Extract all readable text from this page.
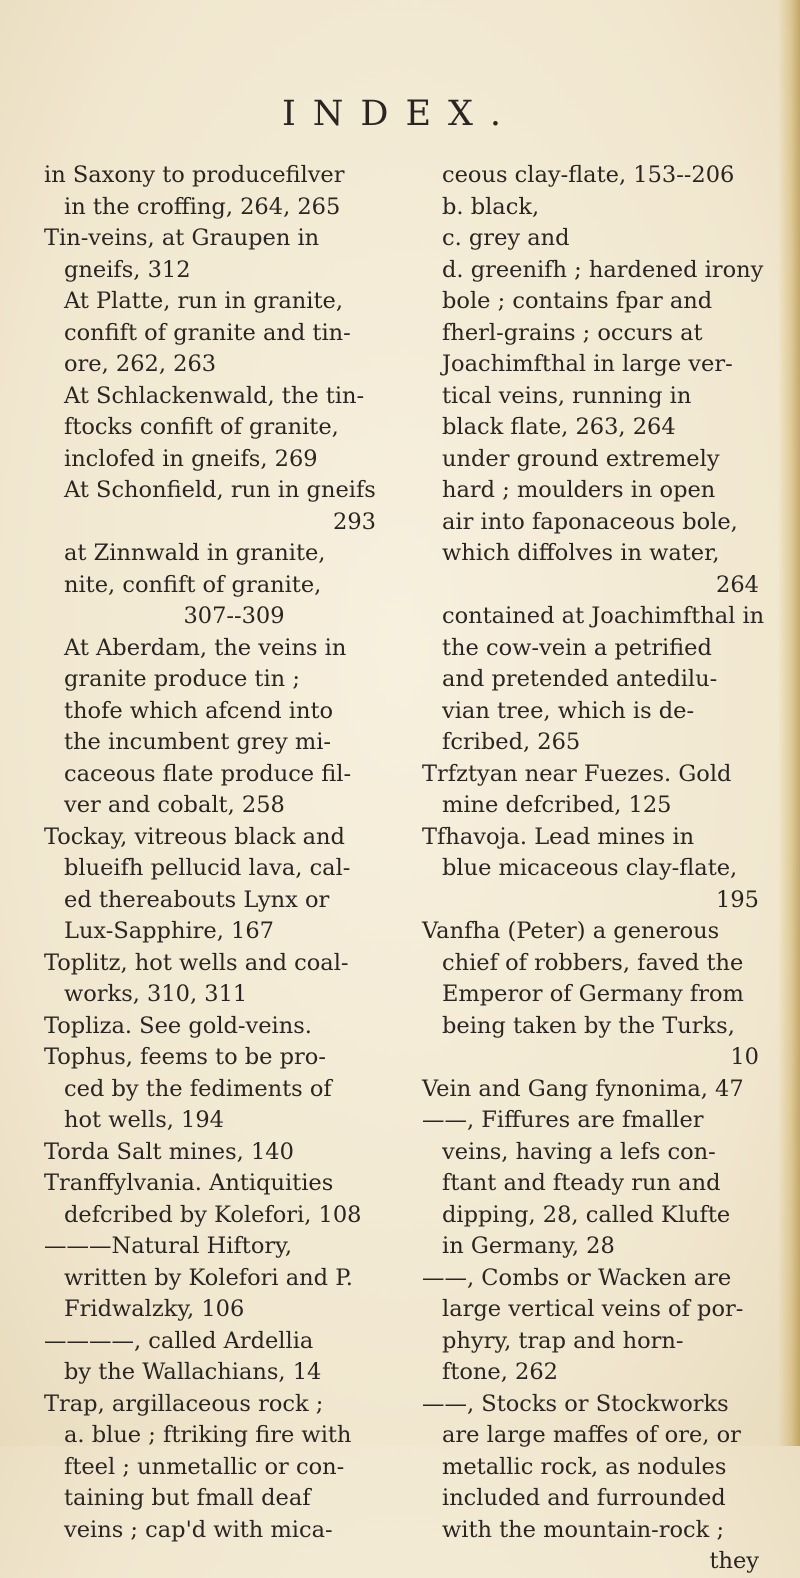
INDEX.
in Saxony to producefilver
in the croffing, 264, 265
Tin-veins, at Graupen in
gneifs, 312
At Platte, run in granite,
confift of granite and tin-
ore, 262, 263
At Schlackenwald, the tin-
ftocks confift of granite,
inclofed in gneifs, 269
At Schonfield, run in gneifs
293
at Zinnwald in granite,
nite, confift of granite,
307--309
At Aberdam, the veins in
granite produce tin ;
thofe which afcend into
the incumbent grey mi-
caceous flate produce fil-
ver and cobalt, 258
Tockay, vitreous black and
blueifh pellucid lava, cal-
ed thereabouts Lynx or
Lux-Sapphire, 167
Toplitz, hot wells and coal-
works, 310, 311
Topliza. See gold-veins.
Tophus, feems to be pro-
ced by the fediments of
hot wells, 194
Torda Salt mines, 140
Tranffylvania. Antiquities
defcribed by Kolefori, 108
———Natural Hiftory,
written by Kolefori and P.
Fridwalzky, 106
————, called Ardellia
by the Wallachians, 14
Trap, argillaceous rock ;
a. blue ; ftriking fire with
fteel ; unmetallic or con-
taining but fmall deaf
veins ; cap'd with mica-
ceous clay-flate, 153--206
b. black,
c. grey and
d. greenifh ; hardened irony
bole ; contains fpar and
fherl-grains ; occurs at
Joachimfthal in large ver-
tical veins, running in
black flate, 263, 264
under ground extremely
hard ; moulders in open
air into faponaceous bole,
which diffolves in water,
264
contained at Joachimfthal in
the cow-vein a petrified
and pretended antedilu-
vian tree, which is de-
fcribed, 265
Trfztyan near Fuezes. Gold
mine defcribed, 125
Tfhavoja. Lead mines in
blue micaceous clay-flate,
195
Vanfha (Peter) a generous
chief of robbers, faved the
Emperor of Germany from
being taken by the Turks,
10
Vein and Gang fynonima, 47
——, Fiffures are fmaller
veins, having a lefs con-
ftant and fteady run and
dipping, 28, called Klufte
in Germany, 28
——, Combs or Wacken are
large vertical veins of por-
phyry, trap and horn-
ftone, 262
——, Stocks or Stockworks
are large maffes of ore, or
metallic rock, as nodules
included and furrounded
with the mountain-rock ;
they
